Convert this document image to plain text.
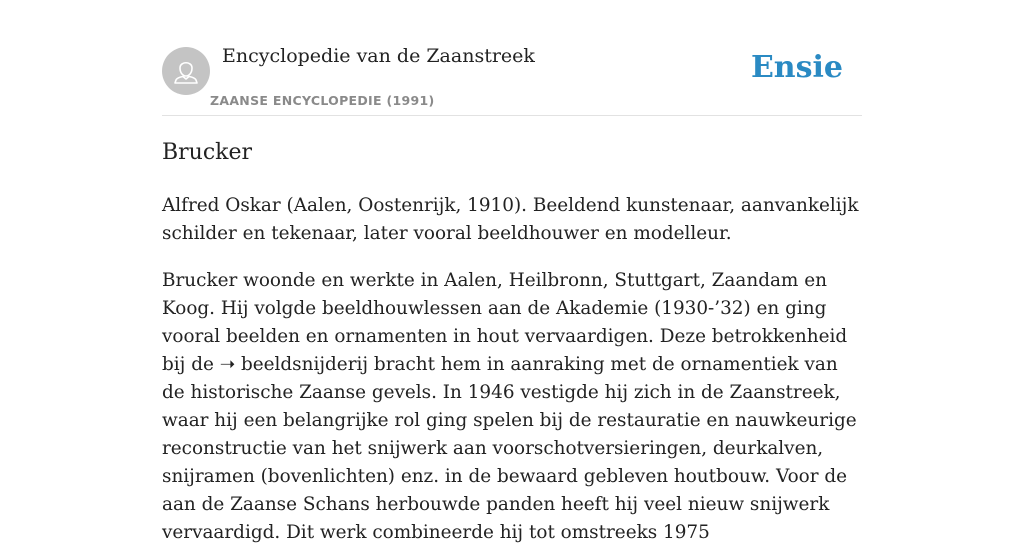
Encyclopedie van de Zaanstreek
ZAANSE ENCYCLOPEDIE (1991)
Ensie
Brucker

Alfred Oskar (Aalen, Oostenrijk, 1910). Beeldend kunstenaar, aanvankelijk schilder en tekenaar, later vooral beeldhouwer en modelleur.

Brucker woonde en werkte in Aalen, Heilbronn, Stuttgart, Zaandam en Koog. Hij volgde beeldhouwlessen aan de Akademie (1930-’32) en ging vooral beelden en ornamenten in hout vervaardigen. Deze betrokkenheid bij de ➝ beeldsnijderij bracht hem in aanraking met de ornamentiek van de historische Zaanse gevels. In 1946 vestigde hij zich in de Zaanstreek, waar hij een belangrijke rol ging spelen bij de restauratie en nauwkeurige reconstructie van het snijwerk aan voorschotversieringen, deurkalven, snijramen (bovenlichten) enz. in de bewaard gebleven houtbouw. Voor de aan de Zaanse Schans herbouwde panden heeft hij veel nieuw snijwerk vervaardigd. Dit werk combineerde hij tot omstreeks 1975
